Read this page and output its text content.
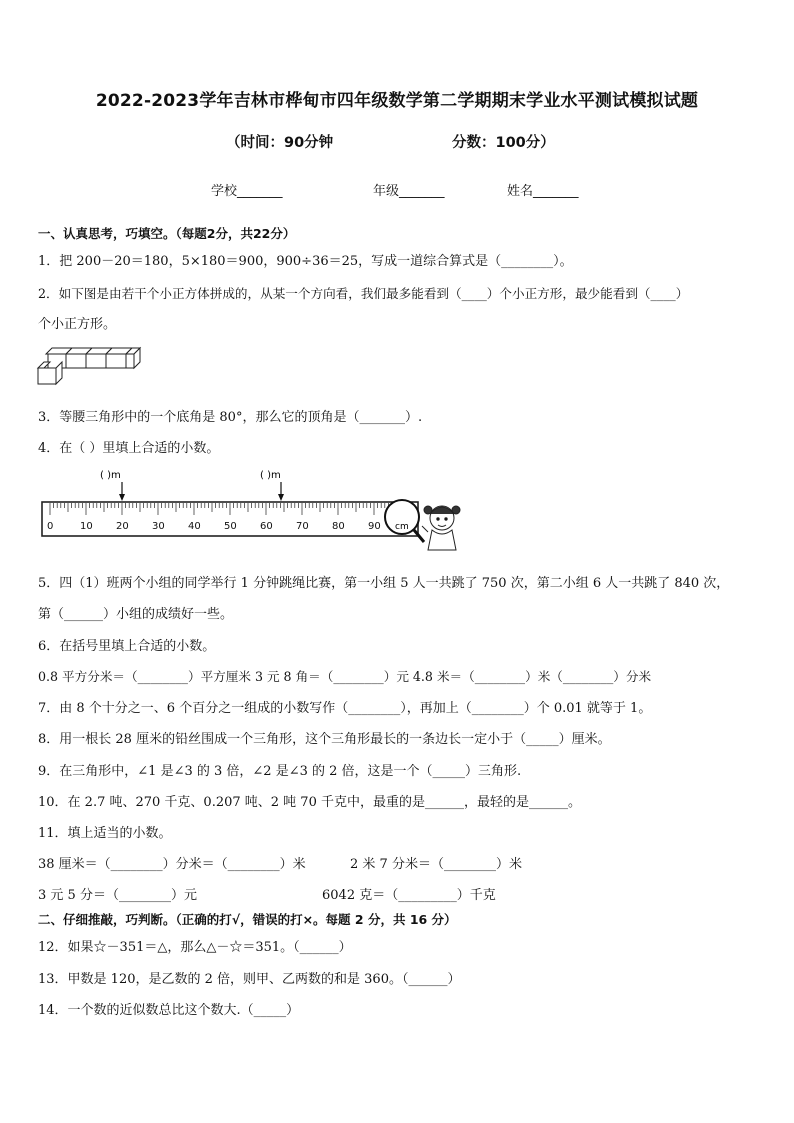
2022-2023学年吉林市桦甸市四年级数学第二学期期末学业水平测试模拟试题
（时间：90分钟	分数：100分）
学校_______	年级_______	姓名_______
一、认真思考，巧填空。（每题2分，共22分）
1．把 200－20＝180，5×180＝900，900÷36＝25，写成一道综合算式是（________）。
2．如下图是由若干个小正方体拼成的，从某一个方向看，我们最多能看到（____）个小正方形，最少能看到（____）
个小正方形。
3．等腰三角形中的一个底角是 80°，那么它的顶角是（_______）.
4．在（ ）里填上合适的小数。
( )m	( )m
0	10 20 30 40 50 60 70 80 90 cm
5．四（1）班两个小组的同学举行 1 分钟跳绳比赛，第一小组 5 人一共跳了 750 次，第二小组 6 人一共跳了 840 次，
第（______）小组的成绩好一些。
6．在括号里填上合适的小数。
0.8 平方分米＝（________）平方厘米 3 元 8 角＝（________）元 4.8 米＝（________）米（________）分米
7．由 8 个十分之一、6 个百分之一组成的小数写作（________），再加上（________）个 0.01 就等于 1。
8．用一根长 28 厘米的铅丝围成一个三角形，这个三角形最长的一条边长一定小于（_____）厘米。
9．在三角形中，∠1 是∠3 的 3 倍，∠2 是∠3 的 2 倍，这是一个（_____）三角形.
10．在 2.7 吨、270 千克、0.207 吨、2 吨 70 千克中，最重的是______，最轻的是______。
11．填上适当的小数。
38 厘米＝（________）分米＝（________）米	2 米 7 分米＝（________）米
3 元 5 分＝（________）元	6042 克＝（_________）千克
二、仔细推敲，巧判断。（正确的打√，错误的打×。每题 2 分，共 16 分）
12．如果☆－351＝△，那么△－☆＝351。（______）
13．甲数是 120，是乙数的 2 倍，则甲、乙两数的和是 360。（______）
14．一个数的近似数总比这个数大.（_____）
